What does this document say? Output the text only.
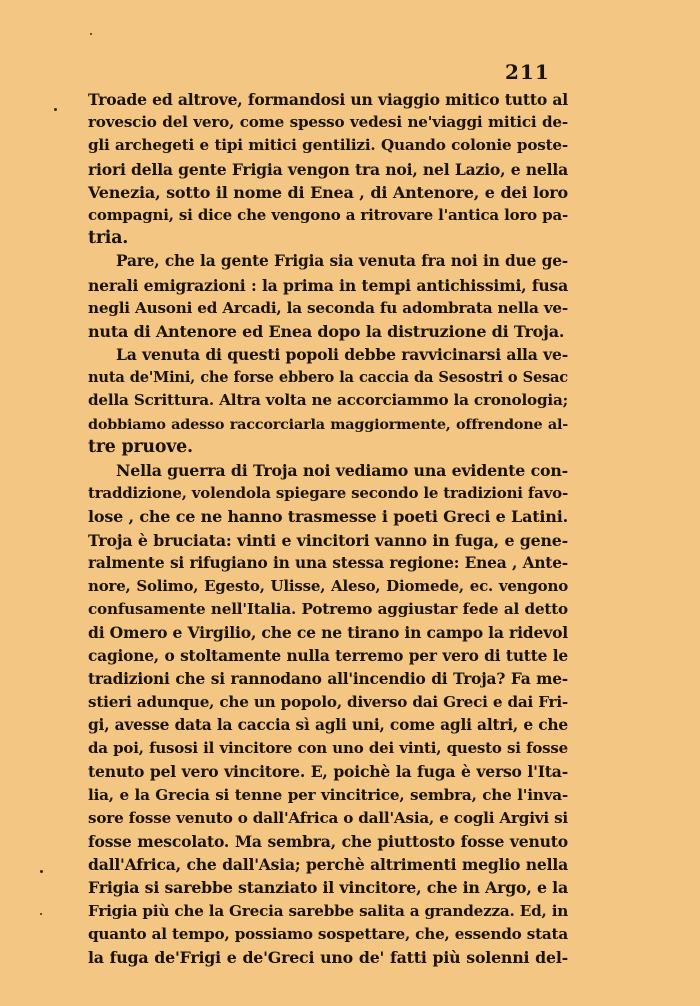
211
Troade ed altrove, formandosi un viaggio mitico tutto al
rovescio del vero, come spesso vedesi ne'viaggi mitici de-
gli archegeti e tipi mitici gentilizi. Quando colonie poste-
riori della gente Frigia vengon tra noi, nel Lazio, e nella
Venezia, sotto il nome di Enea , di Antenore, e dei loro
compagni, si dice che vengono a ritrovare l'antica loro pa-
tria.
Pare, che la gente Frigia sia venuta fra noi in due ge-
nerali emigrazioni : la prima in tempi antichissimi, fusa
negli Ausoni ed Arcadi, la seconda fu adombrata nella ve-
nuta di Antenore ed Enea dopo la distruzione di Troja.
La venuta di questi popoli debbe ravvicinarsi alla ve-
nuta de'Mini, che forse ebbero la caccia da Sesostri o Sesac
della Scrittura. Altra volta ne accorciammo la cronologia;
dobbiamo adesso raccorciarla maggiormente, offrendone al-
tre pruove.
Nella guerra di Troja noi vediamo una evidente con-
traddizione, volendola spiegare secondo le tradizioni favo-
lose , che ce ne hanno trasmesse i poeti Greci e Latini.
Troja è bruciata: vinti e vincitori vanno in fuga, e gene-
ralmente si rifugiano in una stessa regione: Enea , Ante-
nore, Solimo, Egesto, Ulisse, Aleso, Diomede, ec. vengono
confusamente nell'Italia. Potremo aggiustar fede al detto
di Omero e Virgilio, che ce ne tirano in campo la ridevol
cagione, o stoltamente nulla terremo per vero di tutte le
tradizioni che si rannodano all'incendio di Troja? Fa me-
stieri adunque, che un popolo, diverso dai Greci e dai Fri-
gi, avesse data la caccia sì agli uni, come agli altri, e che
da poi, fusosi il vincitore con uno dei vinti, questo si fosse
tenuto pel vero vincitore. E, poichè la fuga è verso l'Ita-
lia, e la Grecia si tenne per vincitrice, sembra, che l'inva-
sore fosse venuto o dall'Africa o dall'Asia, e cogli Argivi si
fosse mescolato. Ma sembra, che piuttosto fosse venuto
dall'Africa, che dall'Asia; perchè altrimenti meglio nella
Frigia si sarebbe stanziato il vincitore, che in Argo, e la
Frigia più che la Grecia sarebbe salita a grandezza. Ed, in
quanto al tempo, possiamo sospettare, che, essendo stata
la fuga de'Frigi e de'Greci uno de' fatti più solenni del-
